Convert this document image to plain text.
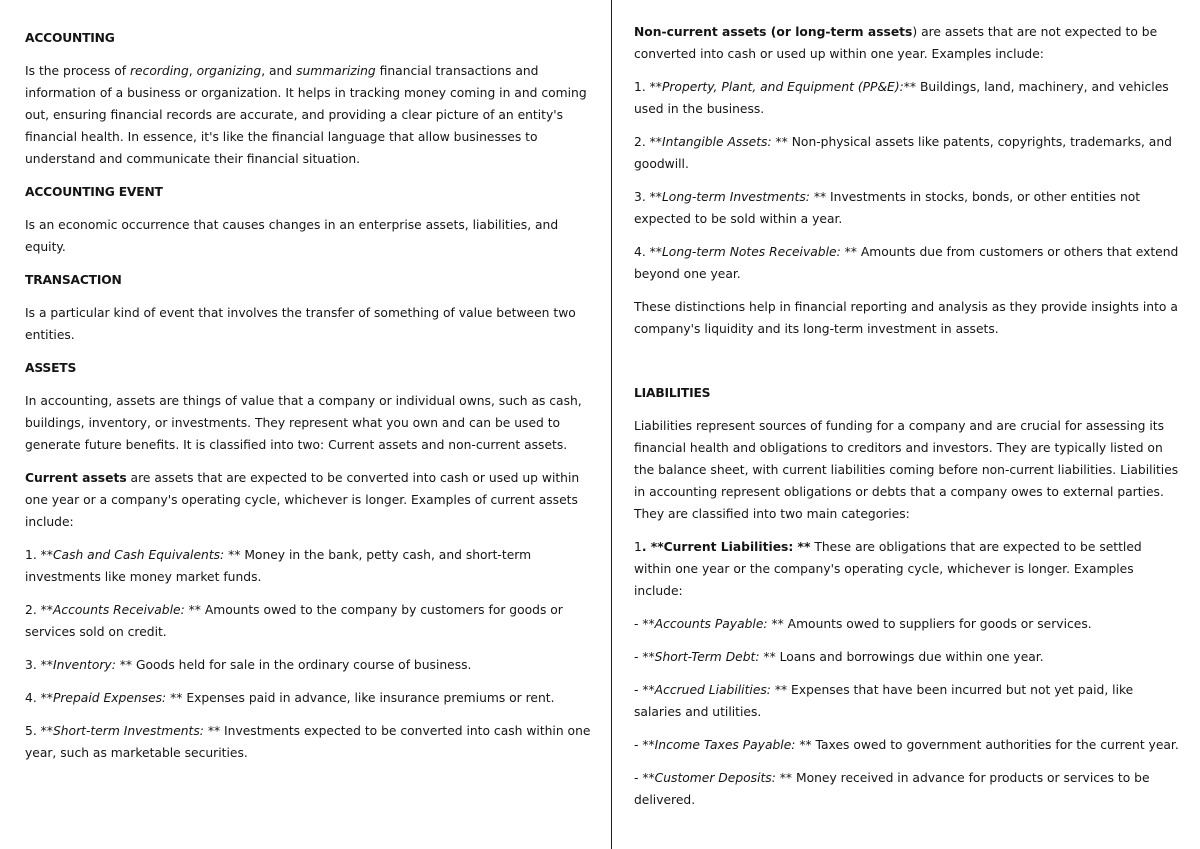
ACCOUNTING

Is the process of recording, organizing, and summarizing financial transactions and information of a business or organization. It helps in tracking money coming in and coming out, ensuring financial records are accurate, and providing a clear picture of an entity's financial health. In essence, it's like the financial language that allow businesses to understand and communicate their financial situation.

ACCOUNTING EVENT

Is an economic occurrence that causes changes in an enterprise assets, liabilities, and equity.

TRANSACTION

Is a particular kind of event that involves the transfer of something of value between two entities.

ASSETS

In accounting, assets are things of value that a company or individual owns, such as cash, buildings, inventory, or investments. They represent what you own and can be used to generate future benefits. It is classified into two: Current assets and non-current assets.

Current assets are assets that are expected to be converted into cash or used up within one year or a company's operating cycle, whichever is longer. Examples of current assets include:

1. **Cash and Cash Equivalents: ** Money in the bank, petty cash, and short-term investments like money market funds.

2. **Accounts Receivable: ** Amounts owed to the company by customers for goods or services sold on credit.

3. **Inventory: ** Goods held for sale in the ordinary course of business.

4. **Prepaid Expenses: ** Expenses paid in advance, like insurance premiums or rent.

5. **Short-term Investments: ** Investments expected to be converted into cash within one year, such as marketable securities.

Non-current assets (or long-term assets) are assets that are not expected to be converted into cash or used up within one year. Examples include:

1. **Property, Plant, and Equipment (PP&E):** Buildings, land, machinery, and vehicles used in the business.

2. **Intangible Assets: ** Non-physical assets like patents, copyrights, trademarks, and goodwill.

3. **Long-term Investments: ** Investments in stocks, bonds, or other entities not expected to be sold within a year.

4. **Long-term Notes Receivable: ** Amounts due from customers or others that extend beyond one year.

These distinctions help in financial reporting and analysis as they provide insights into a company's liquidity and its long-term investment in assets.

LIABILITIES

Liabilities represent sources of funding for a company and are crucial for assessing its financial health and obligations to creditors and investors. They are typically listed on the balance sheet, with current liabilities coming before non-current liabilities. Liabilities in accounting represent obligations or debts that a company owes to external parties. They are classified into two main categories:

1. **Current Liabilities: ** These are obligations that are expected to be settled within one year or the company's operating cycle, whichever is longer. Examples include:

- **Accounts Payable: ** Amounts owed to suppliers for goods or services.

- **Short-Term Debt: ** Loans and borrowings due within one year.

- **Accrued Liabilities: ** Expenses that have been incurred but not yet paid, like salaries and utilities.

- **Income Taxes Payable: ** Taxes owed to government authorities for the current year.

- **Customer Deposits: ** Money received in advance for products or services to be delivered.
